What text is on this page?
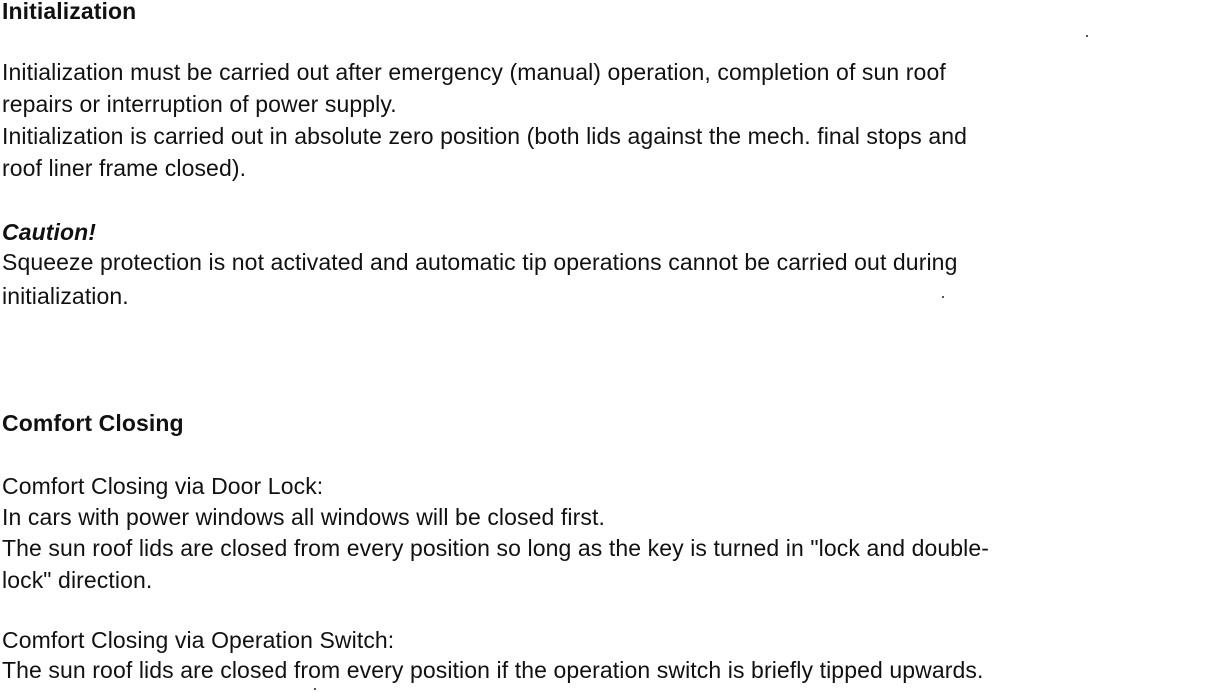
Initialization
Initialization must be carried out after emergency (manual) operation, completion of sun roof
repairs or interruption of power supply.
Initialization is carried out in absolute zero position (both lids against the mech. final stops and
roof liner frame closed).
Caution!
Squeeze protection is not activated and automatic tip operations cannot be carried out during
initialization.
Comfort Closing
Comfort Closing via Door Lock:
In cars with power windows all windows will be closed first.
The sun roof lids are closed from every position so long as the key is turned in "lock and double-
lock" direction.
Comfort Closing via Operation Switch:
The sun roof lids are closed from every position if the operation switch is briefly tipped upwards.
